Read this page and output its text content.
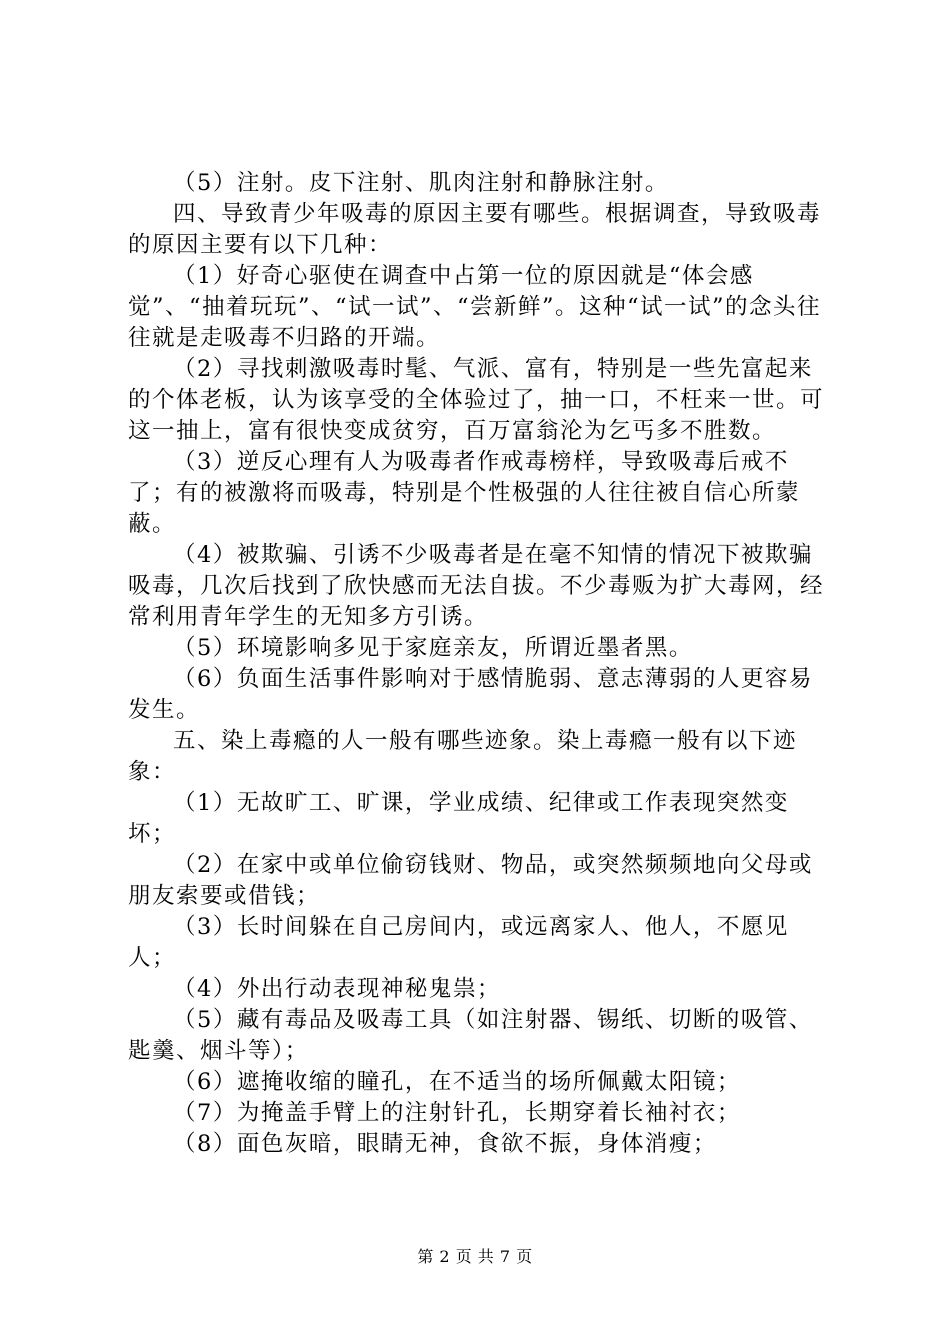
（5）注射。皮下注射、肌肉注射和静脉注射。

四、导致青少年吸毒的原因主要有哪些。根据调查，导致吸毒的原因主要有以下几种：

（1）好奇心驱使在调查中占第一位的原因就是“体会感觉”、“抽着玩玩”、“试一试”、“尝新鲜”。这种“试一试”的念头往往就是走吸毒不归路的开端。

（2）寻找刺激吸毒时髦、气派、富有，特别是一些先富起来的个体老板，认为该享受的全体验过了，抽一口，不枉来一世。可这一抽上，富有很快变成贫穷，百万富翁沦为乞丐多不胜数。

（3）逆反心理有人为吸毒者作戒毒榜样，导致吸毒后戒不了；有的被激将而吸毒，特别是个性极强的人往往被自信心所蒙蔽。

（4）被欺骗、引诱不少吸毒者是在毫不知情的情况下被欺骗吸毒，几次后找到了欣快感而无法自拔。不少毒贩为扩大毒网，经常利用青年学生的无知多方引诱。

（5）环境影响多见于家庭亲友，所谓近墨者黑。

（6）负面生活事件影响对于感情脆弱、意志薄弱的人更容易发生。

五、染上毒瘾的人一般有哪些迹象。染上毒瘾一般有以下迹象：

（1）无故旷工、旷课，学业成绩、纪律或工作表现突然变坏；

（2）在家中或单位偷窃钱财、物品，或突然频频地向父母或朋友索要或借钱；

（3）长时间躲在自己房间内，或远离家人、他人，不愿见人；

（4）外出行动表现神秘鬼祟；

（5）藏有毒品及吸毒工具（如注射器、锡纸、切断的吸管、匙羹、烟斗等）；

（6）遮掩收缩的瞳孔，在不适当的场所佩戴太阳镜；

（7）为掩盖手臂上的注射针孔，长期穿着长袖衬衣；

（8）面色灰暗，眼睛无神，食欲不振，身体消瘦；

第 2 页 共 7 页
